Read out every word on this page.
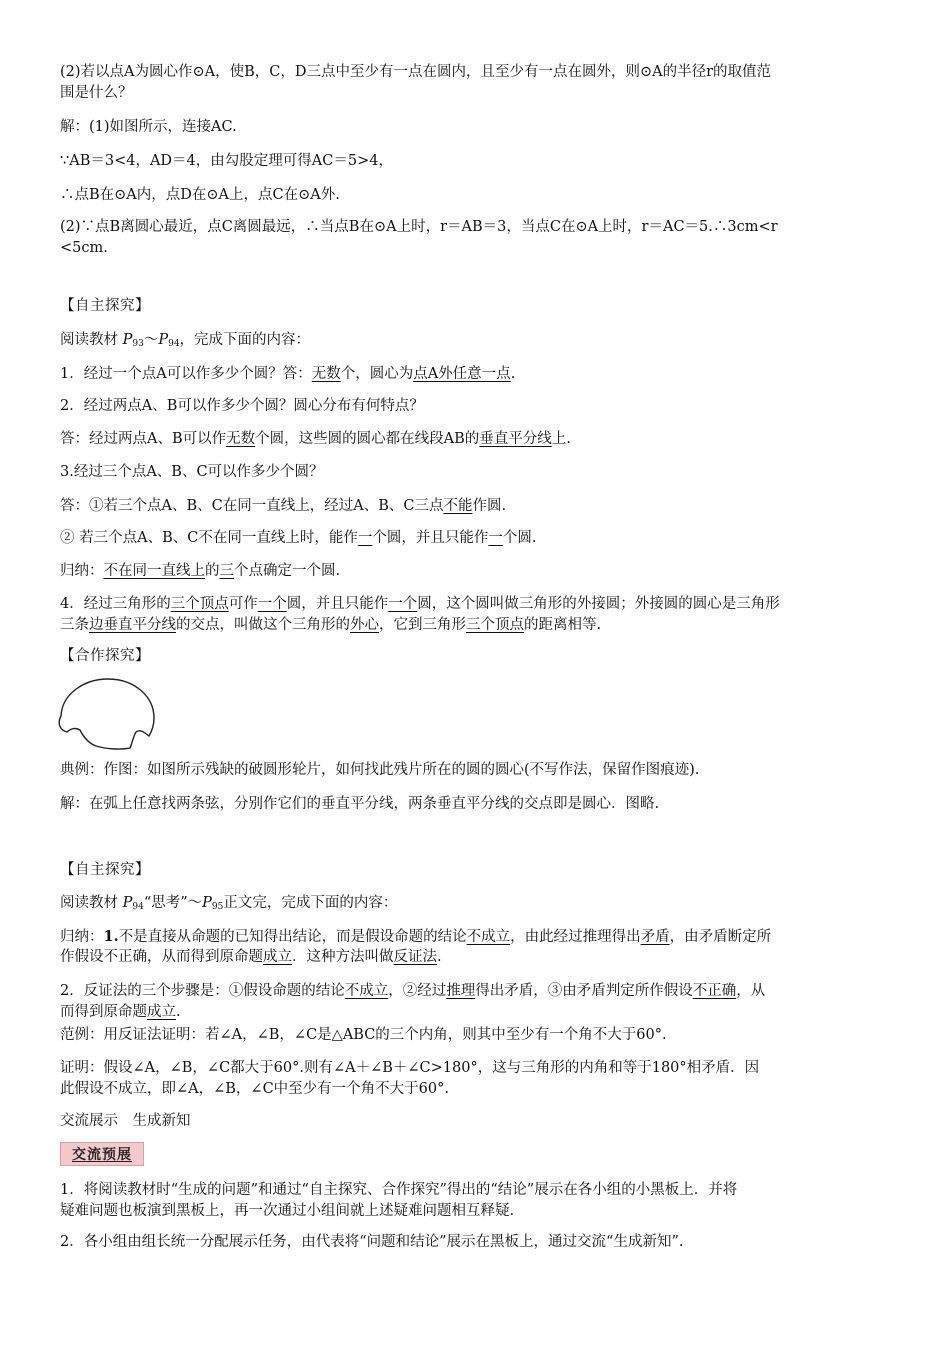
(2)若以点A为圆心作⊙A，使B，C，D三点中至少有一点在圆内，且至少有一点在圆外，则⊙A的半径r的取值范
围是什么？
解：(1)如图所示，连接AC.
∵AB＝3<4，AD＝4，由勾股定理可得AC＝5>4，
∴点B在⊙A内，点D在⊙A上，点C在⊙A外.
(2)∵点B离圆心最近，点C离圆最远，∴当点B在⊙A上时，r＝AB＝3，当点C在⊙A上时，r＝AC＝5.∴3cm<r
<5cm.
【自主探究】
阅读教材 $P_{93}\sim P_{94}$，完成下面的内容：
1．经过一个点A可以作多少个圆？答：无数个，圆心为点A外任意一点.
2．经过两点A、B可以作多少个圆？圆心分布有何特点？
答：经过两点A、B可以作无数个圆，这些圆的圆心都在线段AB的垂直平分线上.
3.经过三个点A、B、C可以作多少个圆？
答：①若三个点A、B、C在同一直线上，经过A、B、C三点不能作圆.
② 若三个点A、B、C不在同一直线上时，能作一个圆，并且只能作一个圆.
归纳：不在同一直线上的三个点确定一个圆.
4．经过三角形的三个顶点可作一个圆，并且只能作一个圆，这个圆叫做三角形的外接圆；外接圆的圆心是三角形
三条边垂直平分线的交点，叫做这个三角形的外心，它到三角形三个顶点的距离相等.
【合作探究】
典例：作图：如图所示残缺的破圆形轮片，如何找此残片所在的圆的圆心(不写作法，保留作图痕迹).
解：在弧上任意找两条弦，分别作它们的垂直平分线，两条垂直平分线的交点即是圆心．图略.
【自主探究】
阅读教材 $P_{94}“$思考$”\sim P_{95}$正文完，完成下面的内容：
归纳：1.不是直接从命题的已知得出结论，而是假设命题的结论不成立，由此经过推理得出矛盾，由矛盾断定所
作假设不正确，从而得到原命题成立．这种方法叫做反证法.
2．反证法的三个步骤是：①假设命题的结论不成立，②经过推理得出矛盾，③由矛盾判定所作假设不正确，从
而得到原命题成立.
范例：用反证法证明：若∠A，∠B，∠C是△ABC的三个内角，则其中至少有一个角不大于60°.
证明：假设∠A，∠B，∠C都大于60°.则有∠A＋∠B＋∠C>180°，这与三角形的内角和等于180°相矛盾．因
此假设不成立，即∠A，∠B，∠C中至少有一个角不大于60°.
交流展示　生成新知
交流预展
1．将阅读教材时“生成的问题”和通过“自主探究、合作探究”得出的“结论”展示在各小组的小黑板上．并将
疑难问题也板演到黑板上，再一次通过小组间就上述疑难问题相互释疑.
2．各小组由组长统一分配展示任务，由代表将“问题和结论”展示在黑板上，通过交流“生成新知”.
